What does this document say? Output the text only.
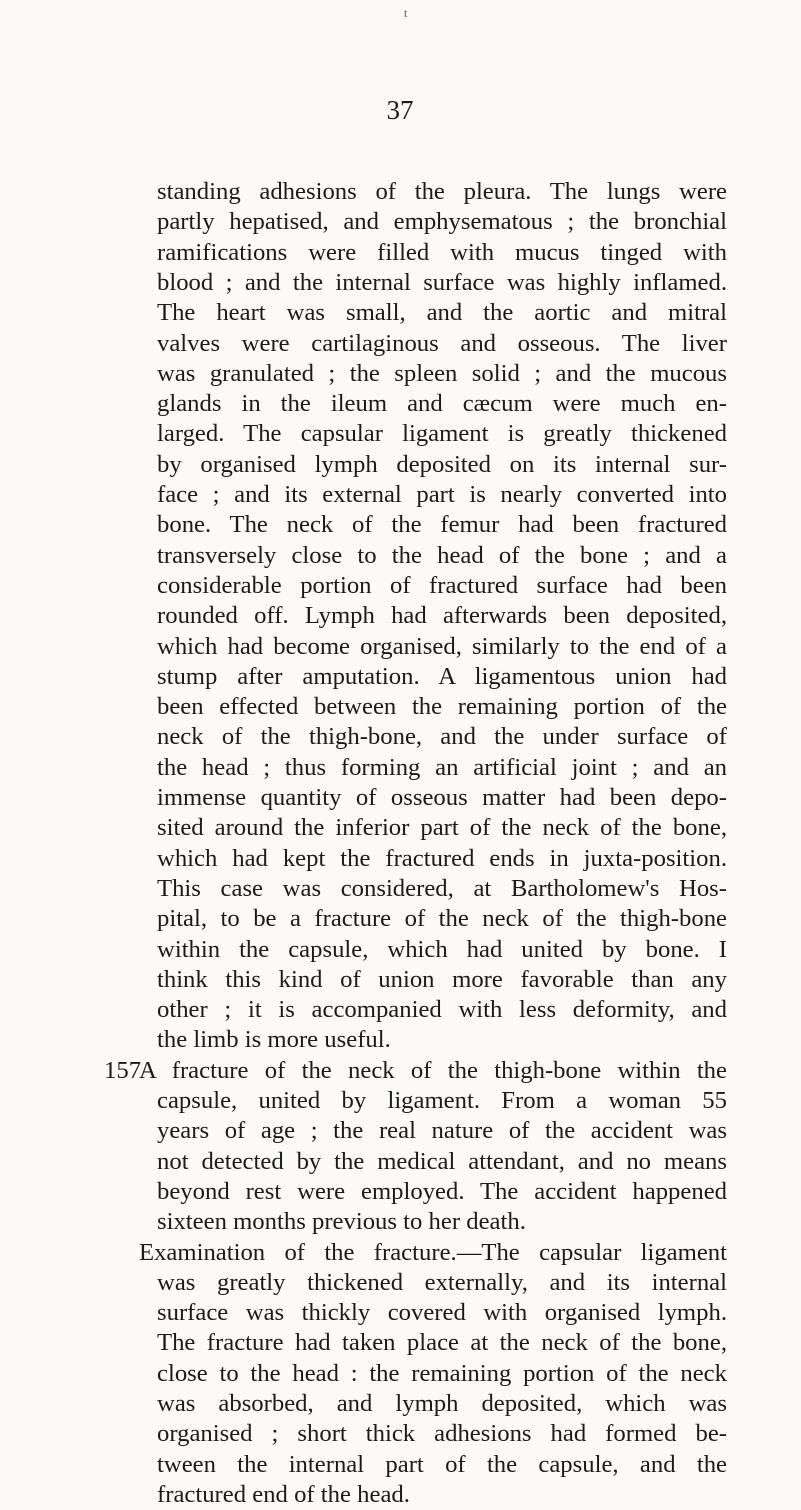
t
37
standing adhesions of the pleura. The lungs were
partly hepatised, and emphysematous ; the bronchial
ramifications were filled with mucus tinged with
blood ; and the internal surface was highly inflamed.
The heart was small, and the aortic and mitral
valves were cartilaginous and osseous. The liver
was granulated ; the spleen solid ; and the mucous
glands in the ileum and cæcum were much en-
larged. The capsular ligament is greatly thickened
by organised lymph deposited on its internal sur-
face ; and its external part is nearly converted into
bone. The neck of the femur had been fractured
transversely close to the head of the bone ; and a
considerable portion of fractured surface had been
rounded off. Lymph had afterwards been deposited,
which had become organised, similarly to the end of a
stump after amputation. A ligamentous union had
been effected between the remaining portion of the
neck of the thigh-bone, and the under surface of
the head ; thus forming an artificial joint ; and an
immense quantity of osseous matter had been depo-
sited around the inferior part of the neck of the bone,
which had kept the fractured ends in juxta-position.
This case was considered, at Bartholomew's Hos-
pital, to be a fracture of the neck of the thigh-bone
within the capsule, which had united by bone. I
think this kind of union more favorable than any
other ; it is accompanied with less deformity, and
the limb is more useful.
157
A fracture of the neck of the thigh-bone within the
capsule, united by ligament. From a woman 55
years of age ; the real nature of the accident was
not detected by the medical attendant, and no means
beyond rest were employed. The accident happened
sixteen months previous to her death.
Examination of the fracture.—The capsular ligament
was greatly thickened externally, and its internal
surface was thickly covered with organised lymph.
The fracture had taken place at the neck of the bone,
close to the head : the remaining portion of the neck
was absorbed, and lymph deposited, which was
organised ; short thick adhesions had formed be-
tween the internal part of the capsule, and the
fractured end of the head.
